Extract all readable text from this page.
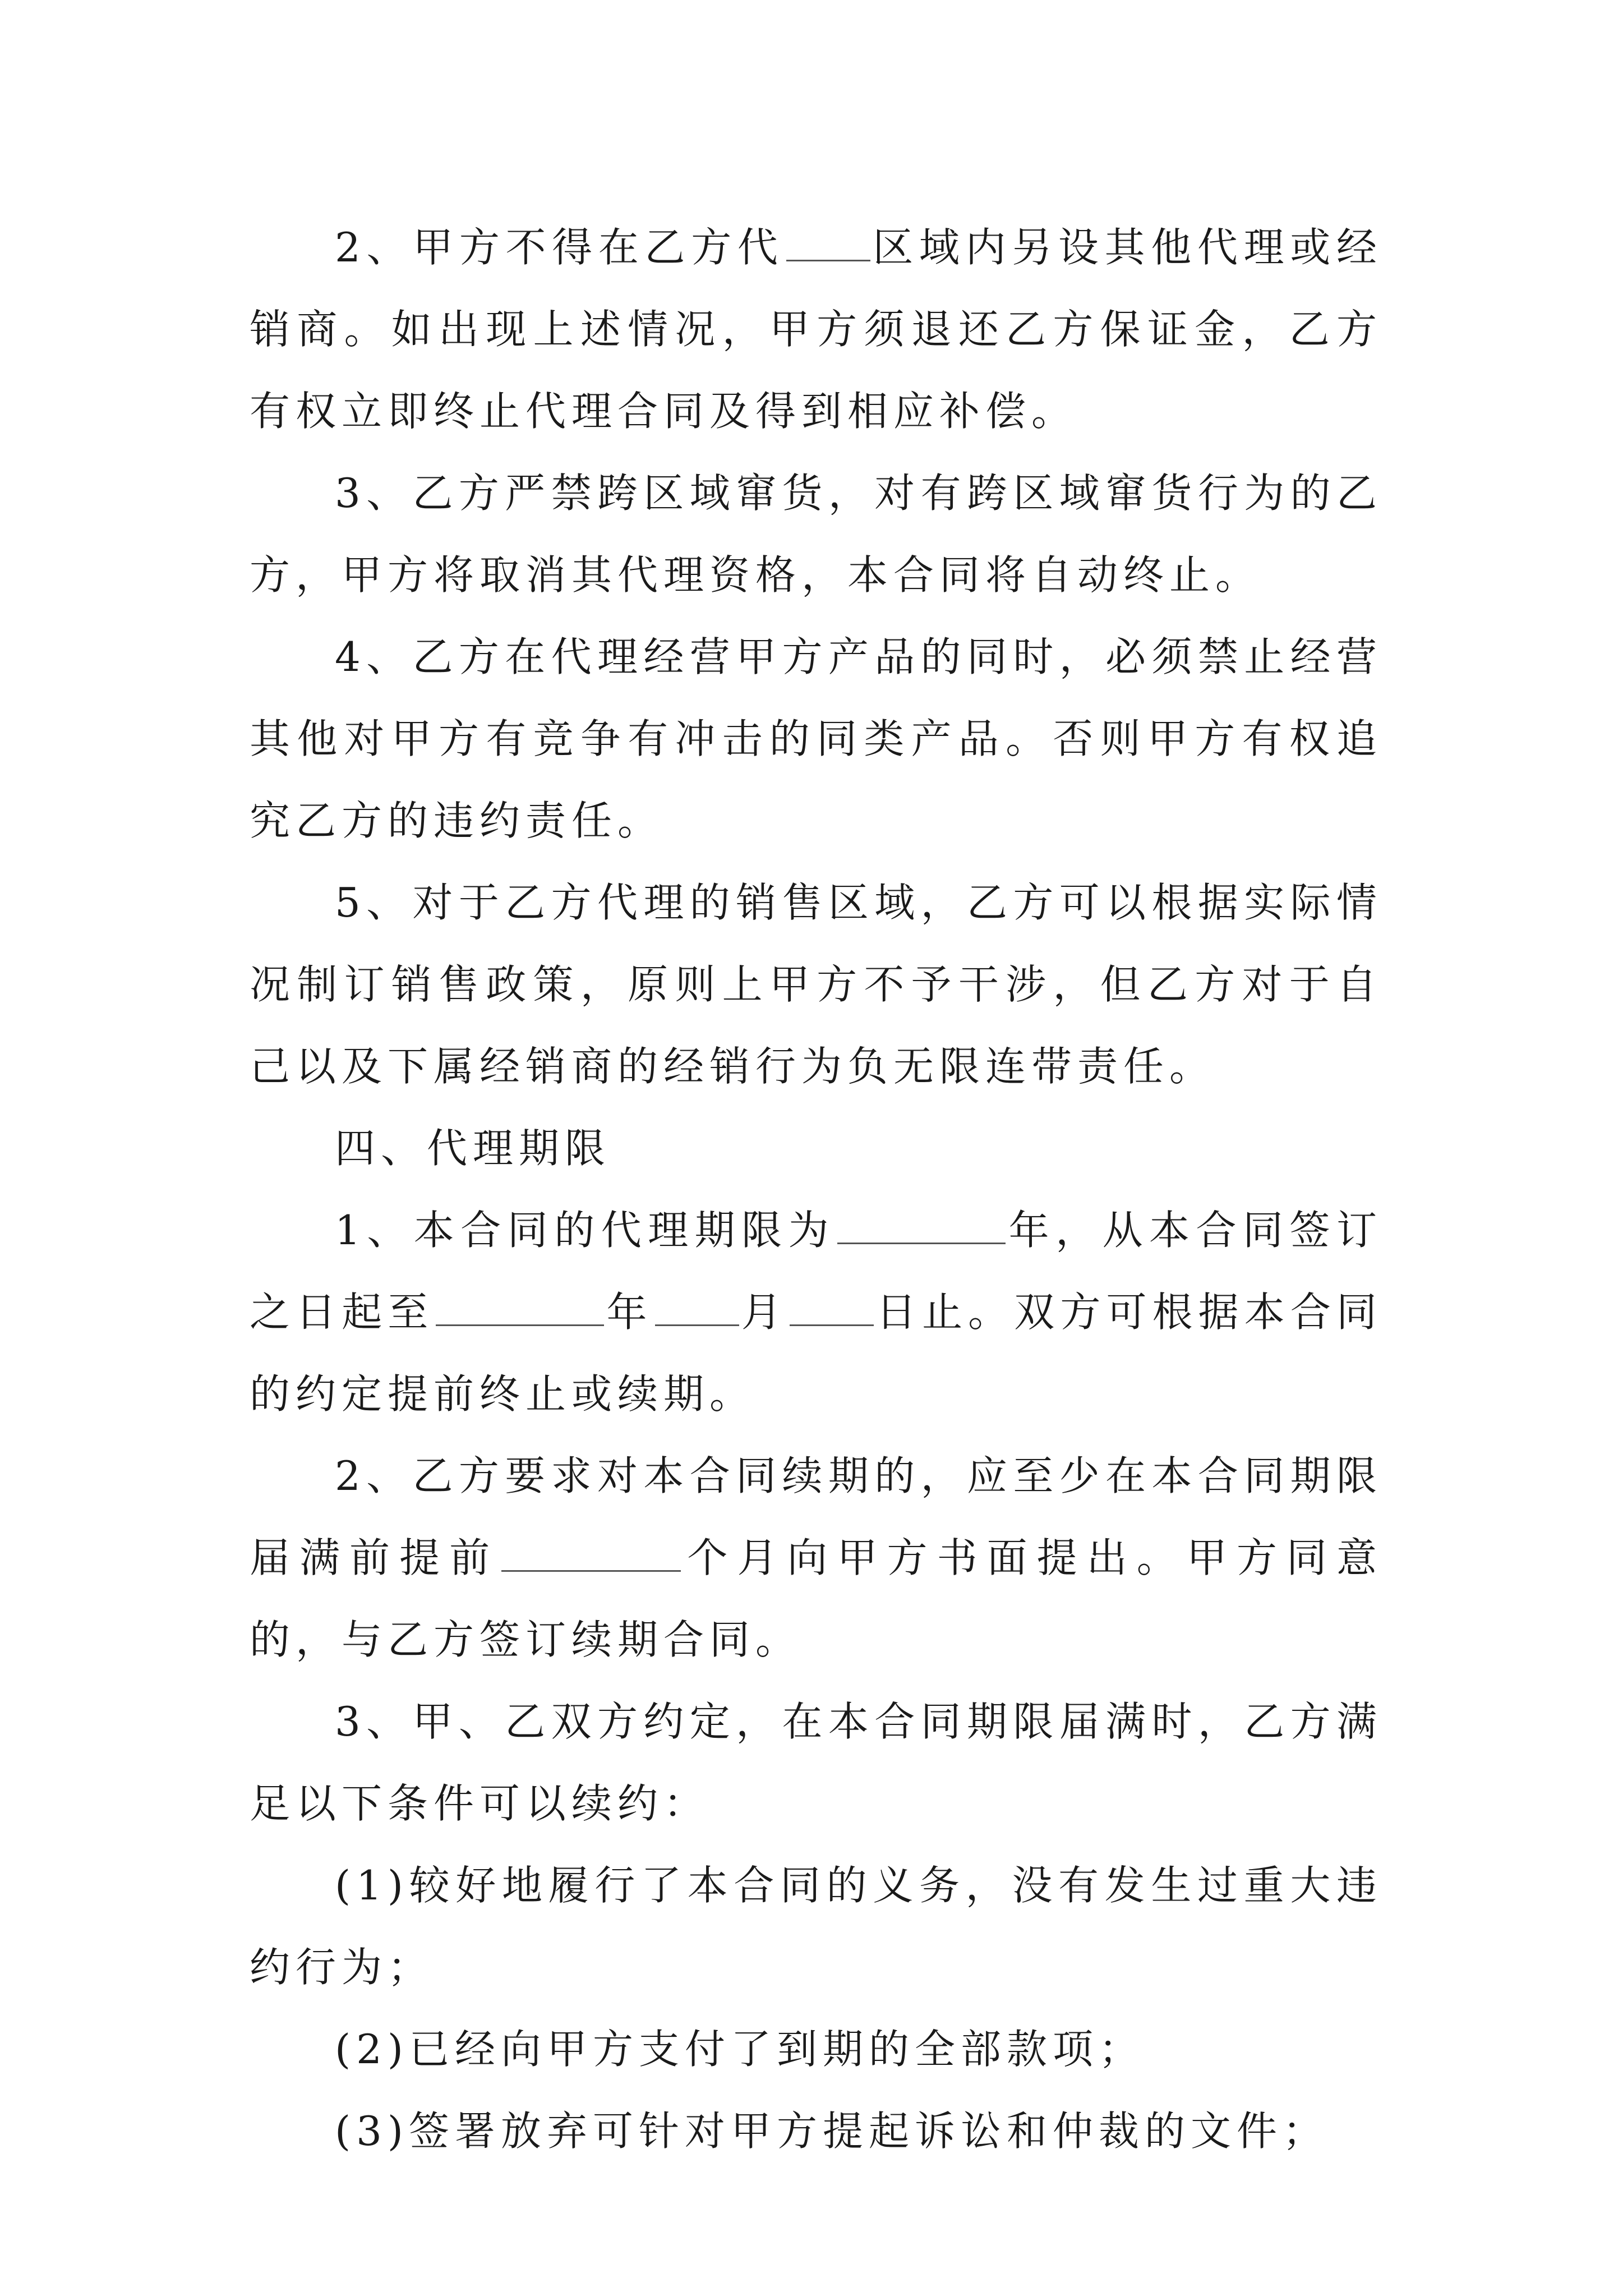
2、甲方不得在乙方代 区域内另设其他代理或经销商。如出现上述情况，甲方须退还乙方保证金，乙方有权立即终止代理合同及得到相应补偿。

3、乙方严禁跨区域窜货，对有跨区域窜货行为的乙方，甲方将取消其代理资格，本合同将自动终止。

4、乙方在代理经营甲方产品的同时，必须禁止经营其他对甲方有竞争有冲击的同类产品。否则甲方有权追究乙方的违约责任。

5、对于乙方代理的销售区域，乙方可以根据实际情况制订销售政策，原则上甲方不予干涉，但乙方对于自己以及下属经销商的经销行为负无限连带责任。

四、代理期限

1、本合同的代理期限为	年，从本合同签订之日起至	年 月 日止。双方可根据本合同的约定提前终止或续期。

2、乙方要求对本合同续期的，应至少在本合同期限届满前提前	个月向甲方书面提出。甲方同意的，与乙方签订续期合同。

3、甲、乙双方约定，在本合同期限届满时，乙方满足以下条件可以续约：

(1)较好地履行了本合同的义务，没有发生过重大违约行为；

(2)已经向甲方支付了到期的全部款项；

(3)签署放弃可针对甲方提起诉讼和仲裁的文件；
